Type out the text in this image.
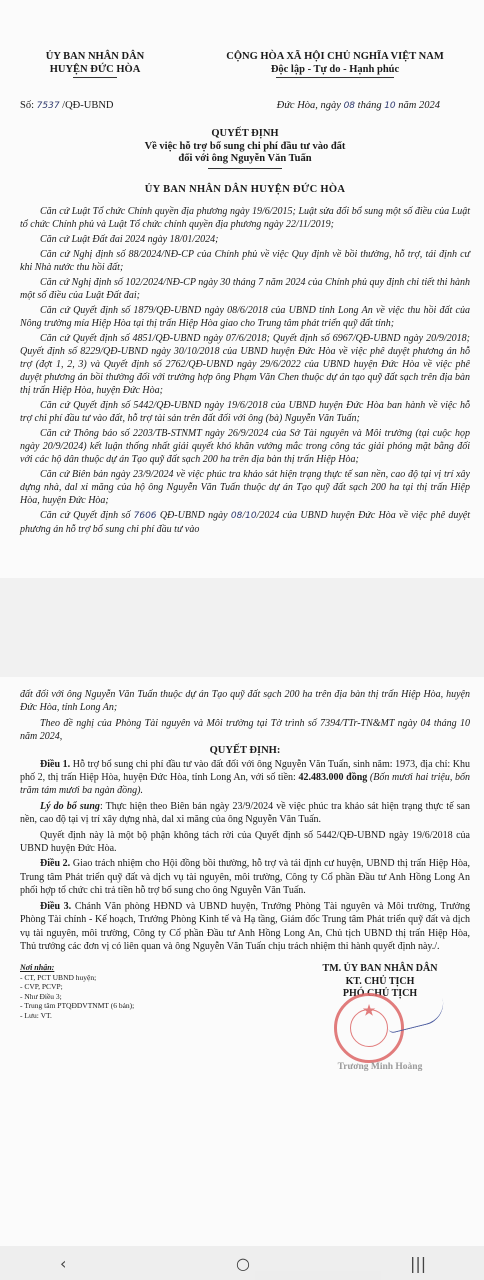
ỦY BAN NHÂN DÂN
HUYỆN ĐỨC HÒA
CỘNG HÒA XÃ HỘI CHỦ NGHĨA VIỆT NAM
Độc lập - Tự do - Hạnh phúc
Số: 7537 /QĐ-UBND	Đức Hòa, ngày 08 tháng 10 năm 2024
QUYẾT ĐỊNH
Về việc hỗ trợ bổ sung chi phí đầu tư vào đất
đối với ông Nguyễn Văn Tuấn
ỦY BAN NHÂN DÂN HUYỆN ĐỨC HÒA

Căn cứ Luật Tổ chức Chính quyền địa phương ngày 19/6/2015; Luật sửa đổi bổ sung một số điều của Luật tổ chức Chính phủ và Luật Tổ chức chính quyền địa phương ngày 22/11/2019;

Căn cứ Luật Đất đai 2024 ngày 18/01/2024;

Căn cứ Nghị định số 88/2024/NĐ-CP của Chính phủ về việc Quy định về bồi thường, hỗ trợ, tái định cư khi Nhà nước thu hồi đất;

Căn cứ Nghị định số 102/2024/NĐ-CP ngày 30 tháng 7 năm 2024 của Chính phủ quy định chi tiết thi hành một số điều của Luật Đất đai;

Căn cứ Quyết định số 1879/QĐ-UBND ngày 08/6/2018 của UBND tỉnh Long An về việc thu hồi đất của Nông trường mía Hiệp Hòa tại thị trấn Hiệp Hòa giao cho Trung tâm phát triển quỹ đất tỉnh;

Căn cứ Quyết định số 4851/QĐ-UBND ngày 07/6/2018; Quyết định số 6967/QĐ-UBND ngày 20/9/2018; Quyết định số 8229/QĐ-UBND ngày 30/10/2018 của UBND huyện Đức Hòa về việc phê duyệt phương án hỗ trợ (đợt 1, 2, 3) và Quyết định số 2762/QĐ-UBND ngày 29/6/2022 của UBND huyện Đức Hòa về việc phê duyệt phương án bồi thường đối với trường hợp ông Phạm Văn Chen thuộc dự án tạo quỹ đất sạch trên địa bàn thị trấn Hiệp Hòa, huyện Đức Hòa;

Căn cứ Quyết định số 5442/QĐ-UBND ngày 19/6/2018 của UBND huyện Đức Hòa ban hành về việc hỗ trợ chi phí đầu tư vào đất, hỗ trợ tài sản trên đất đối với ông (bà) Nguyễn Văn Tuấn;

Căn cứ Thông báo số 2203/TB-STNMT ngày 26/9/2024 của Sở Tài nguyên và Môi trường (tại cuộc họp ngày 20/9/2024) kết luận thống nhất giải quyết khó khăn vướng mắc trong công tác giải phóng mặt bằng đối với các hộ dân thuộc dự án Tạo quỹ đất sạch 200 ha trên địa bàn thị trấn Hiệp Hòa;

Căn cứ Biên bản ngày 23/9/2024 về việc phúc tra khảo sát hiện trạng thực tế san nền, cao độ tại vị trí xây dựng nhà, dal xi măng của hộ ông Nguyễn Văn Tuấn thuộc dự án Tạo quỹ đất sạch 200 ha tại thị trấn Hiệp Hòa, huyện Đức Hòa;

Căn cứ Quyết định số 7606 QĐ-UBND ngày 08/10/2024 của UBND huyện Đức Hòa về việc phê duyệt phương án hỗ trợ bổ sung chi phí đầu tư vào

đất đối với ông Nguyễn Văn Tuấn thuộc dự án Tạo quỹ đất sạch 200 ha trên địa bàn thị trấn Hiệp Hòa, huyện Đức Hòa, tỉnh Long An;

Theo đề nghị của Phòng Tài nguyên và Môi trường tại Tờ trình số 7394/TTr-TN&MT ngày 04 tháng 10 năm 2024,

QUYẾT ĐỊNH:

Điều 1. Hỗ trợ bổ sung chi phí đầu tư vào đất đối với ông Nguyễn Văn Tuấn, sinh năm: 1973, địa chỉ: Khu phố 2, thị trấn Hiệp Hòa, huyện Đức Hòa, tỉnh Long An, với số tiền: 42.483.000 đồng (Bốn mươi hai triệu, bốn trăm tám mươi ba ngàn đồng).

Lý do bổ sung: Thực hiện theo Biên bản ngày 23/9/2024 về việc phúc tra khảo sát hiện trạng thực tế san nền, cao độ tại vị trí xây dựng nhà, dal xi măng của ông Nguyễn Văn Tuấn.

Quyết định này là một bộ phận không tách rời của Quyết định số 5442/QĐ-UBND ngày 19/6/2018 của UBND huyện Đức Hòa.

Điều 2. Giao trách nhiệm cho Hội đồng bồi thường, hỗ trợ và tái định cư huyện, UBND thị trấn Hiệp Hòa, Trung tâm Phát triển quỹ đất và dịch vụ tài nguyên, môi trường, Công ty Cổ phần Đầu tư Anh Hồng Long An phối hợp tổ chức chi trả tiền hỗ trợ bổ sung cho ông Nguyễn Văn Tuấn.

Điều 3. Chánh Văn phòng HĐND và UBND huyện, Trưởng Phòng Tài nguyên và Môi trường, Trưởng Phòng Tài chính - Kế hoạch, Trưởng Phòng Kinh tế và Hạ tầng, Giám đốc Trung tâm Phát triển quỹ đất và dịch vụ tài nguyên, môi trường, Công ty Cổ phần Đầu tư Anh Hồng Long An, Chủ tịch UBND thị trấn Hiệp Hòa, Thủ trưởng các đơn vị có liên quan và ông Nguyễn Văn Tuấn chịu trách nhiệm thi hành quyết định này./.

Nơi nhận:
- CT, PCT UBND huyện;
- CVP, PCVP;
- Như Điều 3;
- Trung tâm PTQĐDVTNMT (6 bản);
- Lưu: VT.
TM. ỦY BAN NHÂN DÂN
KT. CHỦ TỊCH
PHÓ CHỦ TỊCH
★
Trương Minh Hoàng
‹	○	|||
